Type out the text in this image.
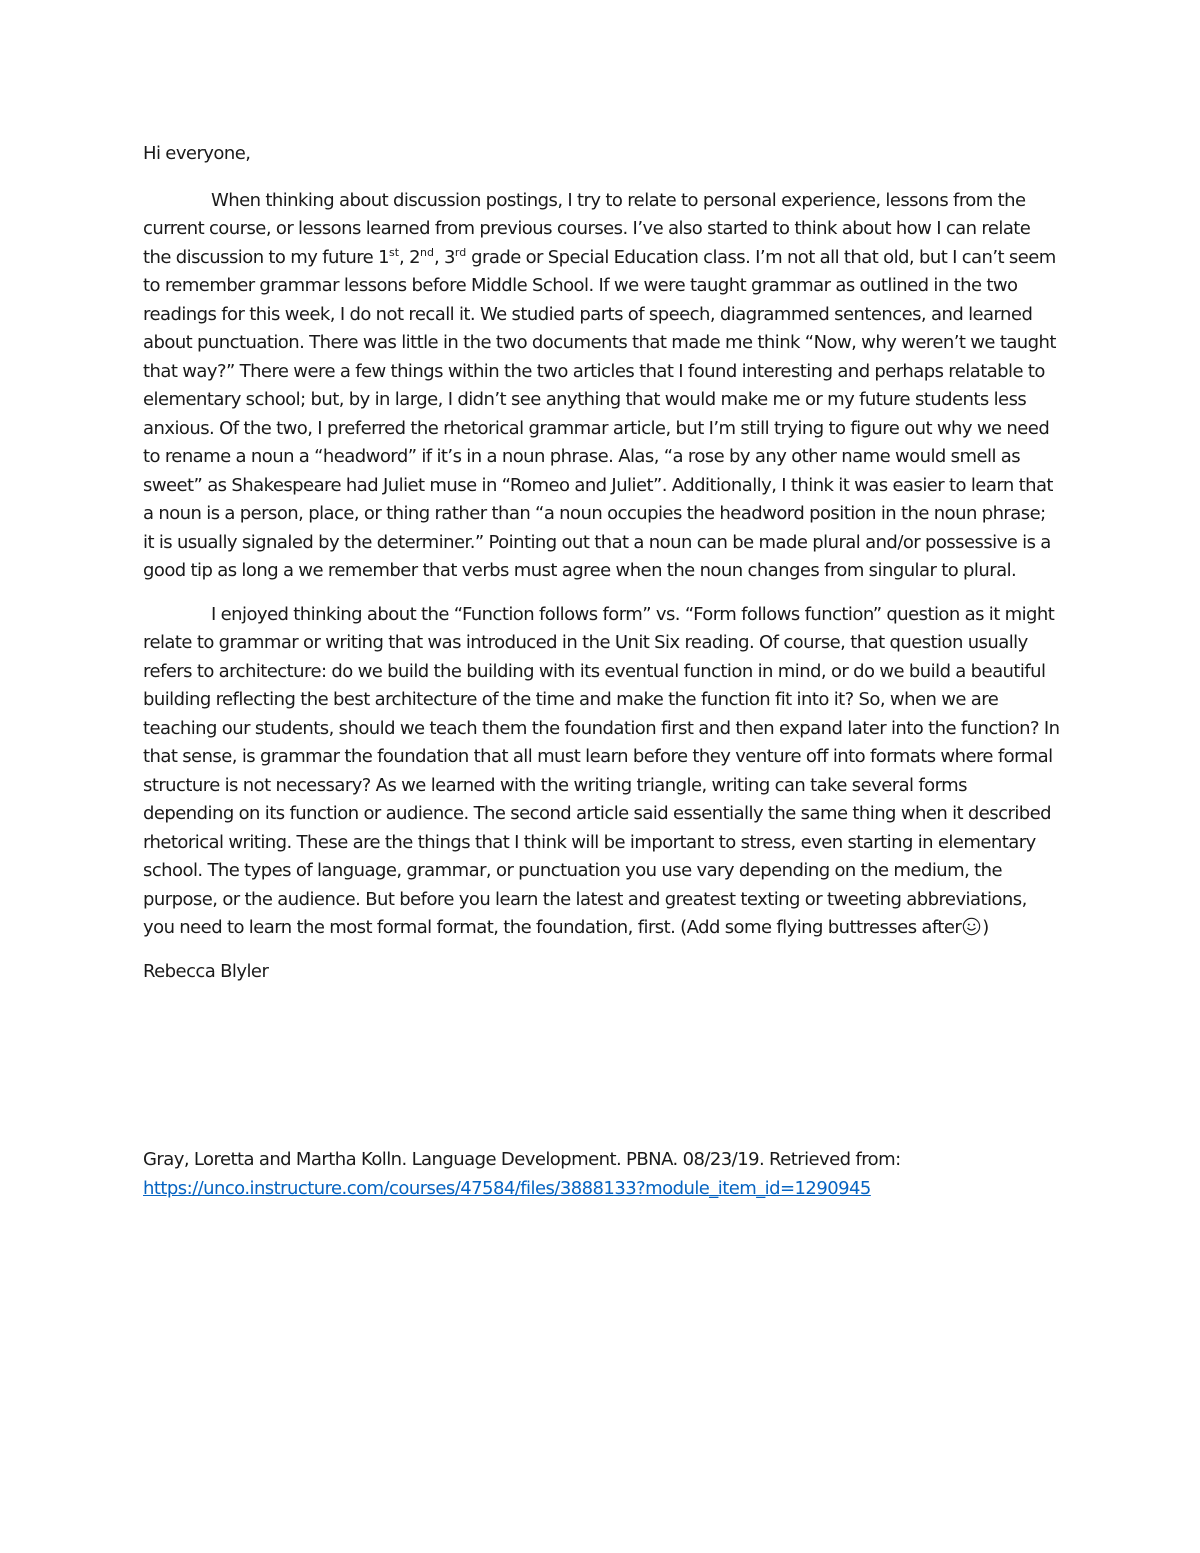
Hi everyone,

When thinking about discussion postings, I try to relate to personal experience, lessons from the current course, or lessons learned from previous courses. I’ve also started to think about how I can relate the discussion to my future 1st, 2nd, 3rd grade or Special Education class. I’m not all that old, but I can’t seem to remember grammar lessons before Middle School. If we were taught grammar as outlined in the two readings for this week, I do not recall it. We studied parts of speech, diagrammed sentences, and learned about punctuation. There was little in the two documents that made me think “Now, why weren’t we taught that way?” There were a few things within the two articles that I found interesting and perhaps relatable to elementary school; but, by in large, I didn’t see anything that would make me or my future students less anxious. Of the two, I preferred the rhetorical grammar article, but I’m still trying to figure out why we need to rename a noun a “headword” if it’s in a noun phrase. Alas, “a rose by any other name would smell as sweet” as Shakespeare had Juliet muse in “Romeo and Juliet”. Additionally, I think it was easier to learn that a noun is a person, place, or thing rather than “a noun occupies the headword position in the noun phrase; it is usually signaled by the determiner.” Pointing out that a noun can be made plural and/or possessive is a good tip as long a we remember that verbs must agree when the noun changes from singular to plural.

I enjoyed thinking about the “Function follows form” vs. “Form follows function” question as it might relate to grammar or writing that was introduced in the Unit Six reading. Of course, that question usually refers to architecture: do we build the building with its eventual function in mind, or do we build a beautiful building reflecting the best architecture of the time and make the function fit into it? So, when we are teaching our students, should we teach them the foundation first and then expand later into the function? In that sense, is grammar the foundation that all must learn before they venture off into formats where formal structure is not necessary? As we learned with the writing triangle, writing can take several forms depending on its function or audience. The second article said essentially the same thing when it described rhetorical writing. These are the things that I think will be important to stress, even starting in elementary school. The types of language, grammar, or punctuation you use vary depending on the medium, the purpose, or the audience. But before you learn the latest and greatest texting or tweeting abbreviations, you need to learn the most formal format, the foundation, first. (Add some flying buttresses after )

Rebecca Blyler

Gray, Loretta and Martha Kolln. Language Development. PBNA. 08/23/19. Retrieved from:

https://unco.instructure.com/courses/47584/files/3888133?module_item_id=1290945
